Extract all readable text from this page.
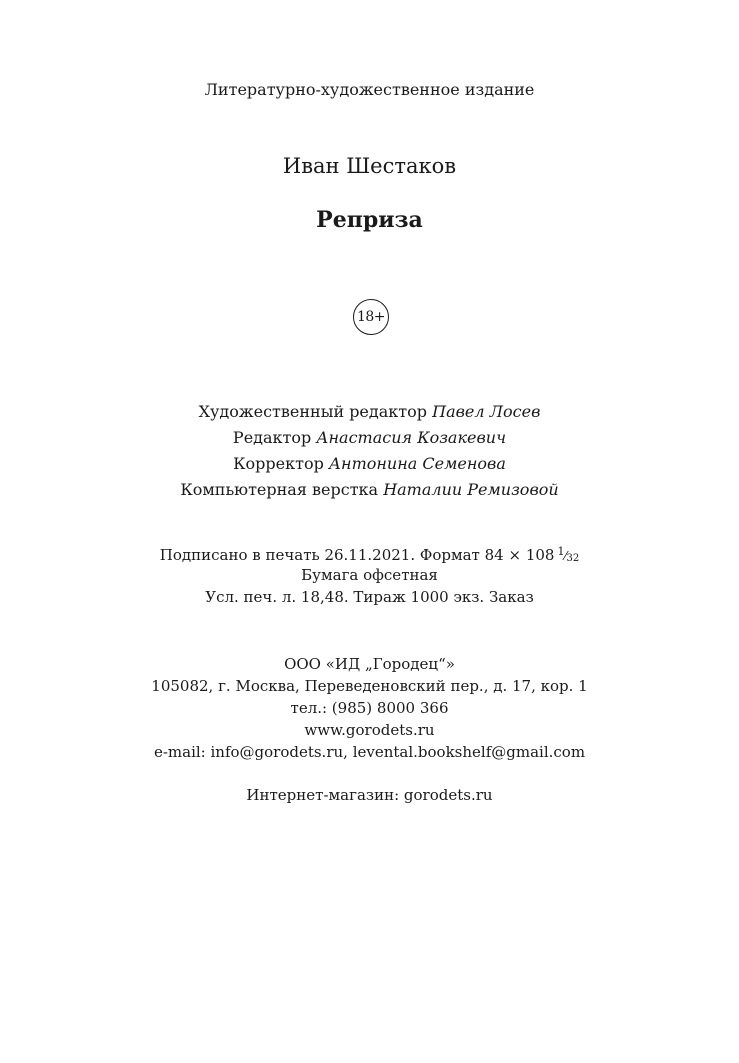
Литературно-художественное издание
Иван Шестаков
Реприза
18+
Художественный редактор Павел Лосев
Редактор Анастасия Козакевич
Корректор Антонина Семенова
Компьютерная верстка Наталии Ремизовой
Подписано в печать 26.11.2021. Формат 84 × 108 $^1⁄_{32}$
Бумага офсетная
Усл. печ. л. 18,48. Тираж 1000 экз. Заказ
ООО «ИД „Городец“»
105082, г. Москва, Переведеновский пер., д. 17, кор. 1
тел.: (985) 8000 366
www.gorodets.ru
e-mail: info@gorodets.ru, levental.bookshelf@gmail.com
Интернет-магазин: gorodets.ru
